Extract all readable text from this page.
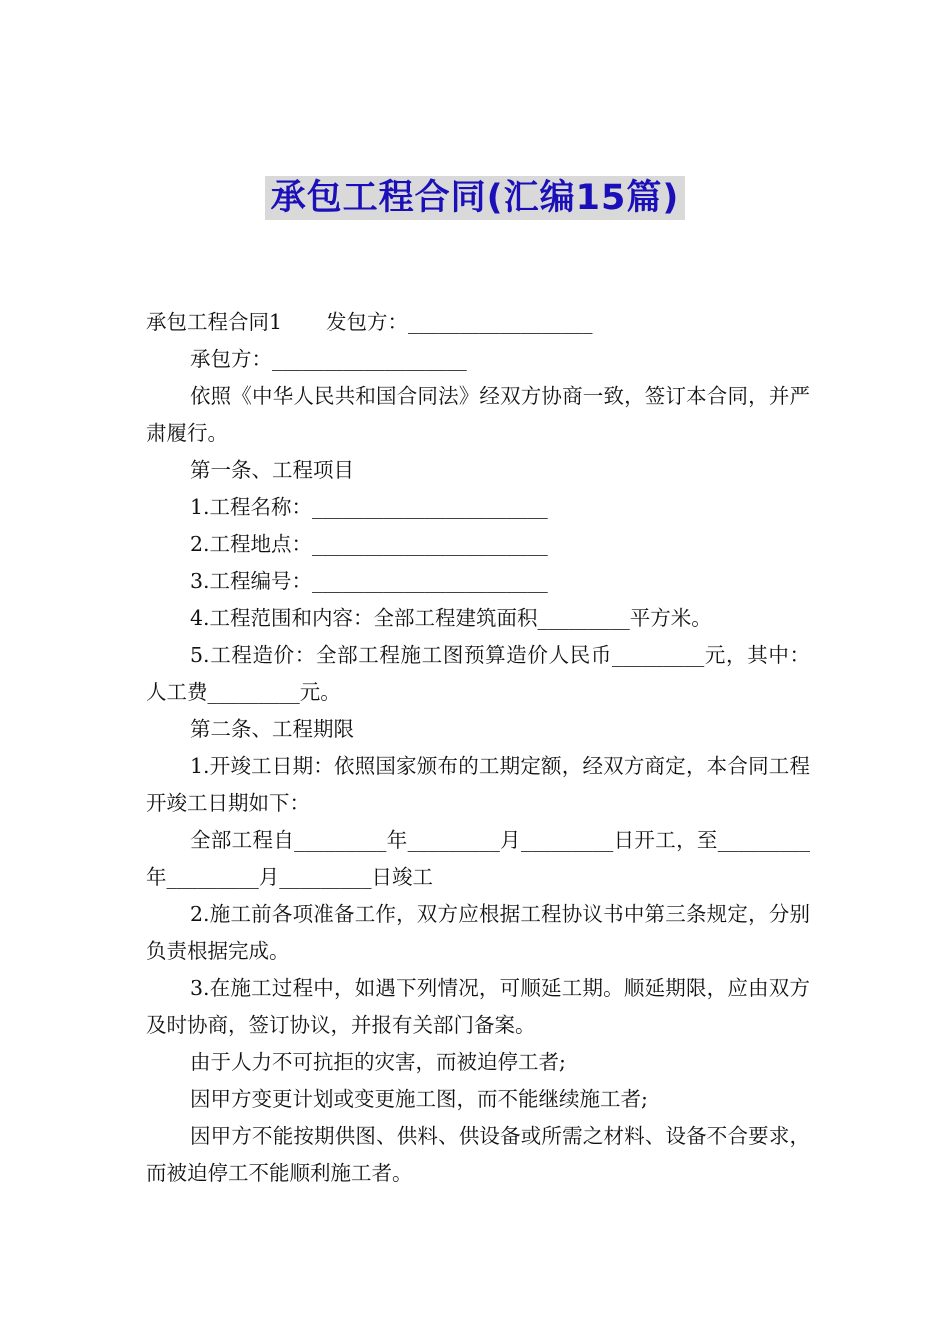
承包工程合同(汇编15篇)

承包工程合同1 发包方：__________________

承包方：___________________

依照《中华人民共和国合同法》经双方协商一致，签订本合同，并严肃履行。

第一条、工程项目

1.工程名称：_______________________

2.工程地点：_______________________

3.工程编号：_______________________

4.工程范围和内容：全部工程建筑面积_________平方米。

5.工程造价：全部工程施工图预算造价人民币_________元，其中：人工费_________元。

第二条、工程期限

1.开竣工日期：依照国家颁布的工期定额，经双方商定，本合同工程开竣工日期如下：

全部工程自_________年_________月_________日开工，至_________年_________月_________日竣工

2.施工前各项准备工作，双方应根据工程协议书中第三条规定，分别负责根据完成。

3.在施工过程中，如遇下列情况，可顺延工期。顺延期限，应由双方及时协商，签订协议，并报有关部门备案。

由于人力不可抗拒的灾害，而被迫停工者;

因甲方变更计划或变更施工图，而不能继续施工者;

因甲方不能按期供图、供料、供设备或所需之材料、设备不合要求，而被迫停工不能顺利施工者。
